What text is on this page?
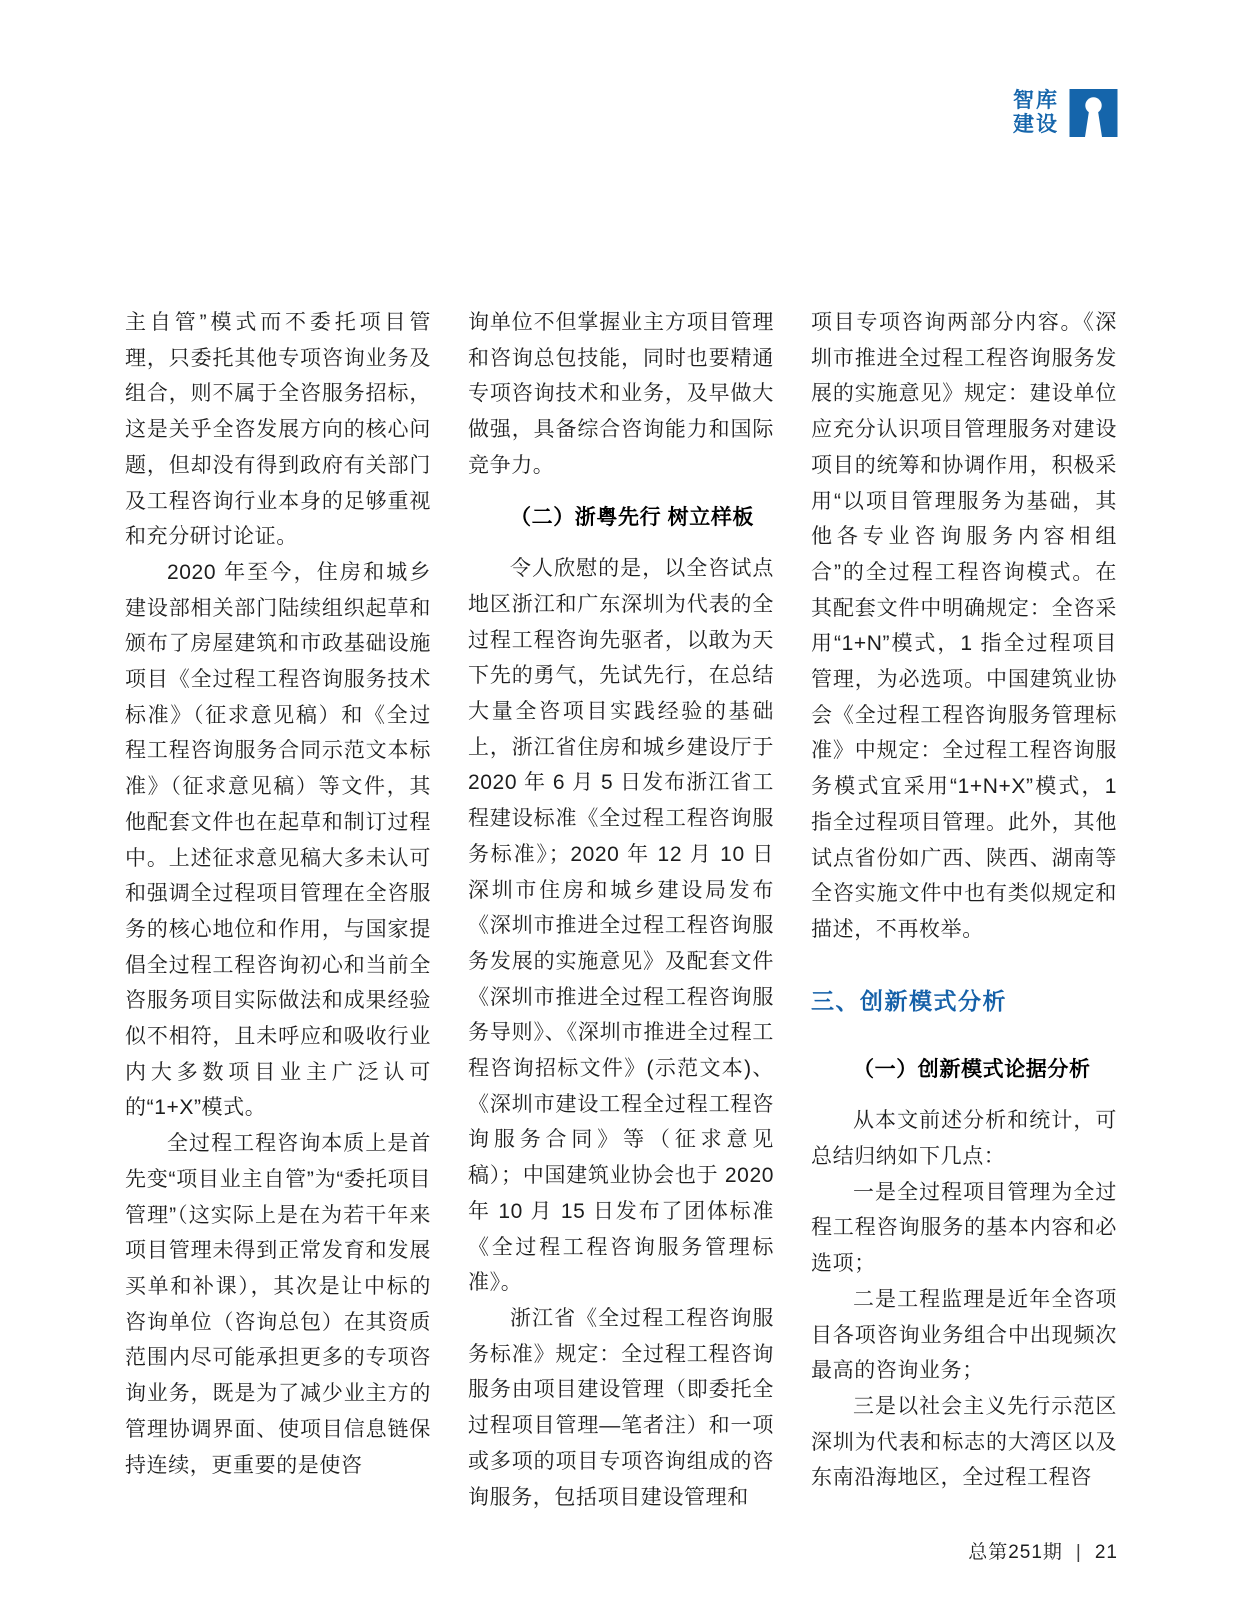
智库
建设

主自管”模式而不委托项目管理，只委托其他专项咨询业务及组合，则不属于全咨服务招标，这是关乎全咨发展方向的核心问题，但却没有得到政府有关部门及工程咨询行业本身的足够重视和充分研讨论证。

2020 年至今，住房和城乡建设部相关部门陆续组织起草和颁布了房屋建筑和市政基础设施项目《全过程工程咨询服务技术标准》（征求意见稿）和《全过程工程咨询服务合同示范文本标准》（征求意见稿）等文件，其他配套文件也在起草和制订过程中。上述征求意见稿大多未认可和强调全过程项目管理在全咨服务的核心地位和作用，与国家提倡全过程工程咨询初心和当前全咨服务项目实际做法和成果经验似不相符，且未呼应和吸收行业内大多数项目业主广泛认可的“1+X”模式。

全过程工程咨询本质上是首先变“项目业主自管”为“委托项目管理”（这实际上是在为若干年来项目管理未得到正常发育和发展买单和补课），其次是让中标的咨询单位（咨询总包）在其资质范围内尽可能承担更多的专项咨询业务，既是为了减少业主方的管理协调界面、使项目信息链保持连续，更重要的是使咨

询单位不但掌握业主方项目管理和咨询总包技能，同时也要精通专项咨询技术和业务，及早做大做强，具备综合咨询能力和国际竞争力。

（二）浙粤先行 树立样板

令人欣慰的是，以全咨试点地区浙江和广东深圳为代表的全过程工程咨询先驱者，以敢为天下先的勇气，先试先行，在总结大量全咨项目实践经验的基础上，浙江省住房和城乡建设厅于 2020 年 6 月 5 日发布浙江省工程建设标准《全过程工程咨询服务标准》；2020 年 12 月 10 日深圳市住房和城乡建设局发布《深圳市推进全过程工程咨询服务发展的实施意见》及配套文件《深圳市推进全过程工程咨询服务导则》、《深圳市推进全过程工程咨询招标文件》(示范文本)、《深圳市建设工程全过程工程咨询服务合同》等（征求意见稿）；中国建筑业协会也于 2020 年 10 月 15 日发布了团体标准《全过程工程咨询服务管理标准》。

浙江省《全过程工程咨询服务标准》规定：全过程工程咨询服务由项目建设管理（即委托全过程项目管理—笔者注）和一项或多项的项目专项咨询组成的咨询服务，包括项目建设管理和

项目专项咨询两部分内容。《深圳市推进全过程工程咨询服务发展的实施意见》规定：建设单位应充分认识项目管理服务对建设项目的统筹和协调作用，积极采用“以项目管理服务为基础，其他各专业咨询服务内容相组合”的全过程工程咨询模式。在其配套文件中明确规定：全咨采用“1+N”模式，1 指全过程项目管理，为必选项。中国建筑业协会《全过程工程咨询服务管理标准》中规定：全过程工程咨询服务模式宜采用“1+N+X”模式，1 指全过程项目管理。此外，其他试点省份如广西、陕西、湖南等全咨实施文件中也有类似规定和描述，不再枚举。

三、创新模式分析
（一）创新模式论据分析

从本文前述分析和统计，可总结归纳如下几点：

一是全过程项目管理为全过程工程咨询服务的基本内容和必选项；

二是工程监理是近年全咨项目各项咨询业务组合中出现频次最高的咨询业务；

三是以社会主义先行示范区深圳为代表和标志的大湾区以及东南沿海地区，全过程工程咨

总第251期 | 21
